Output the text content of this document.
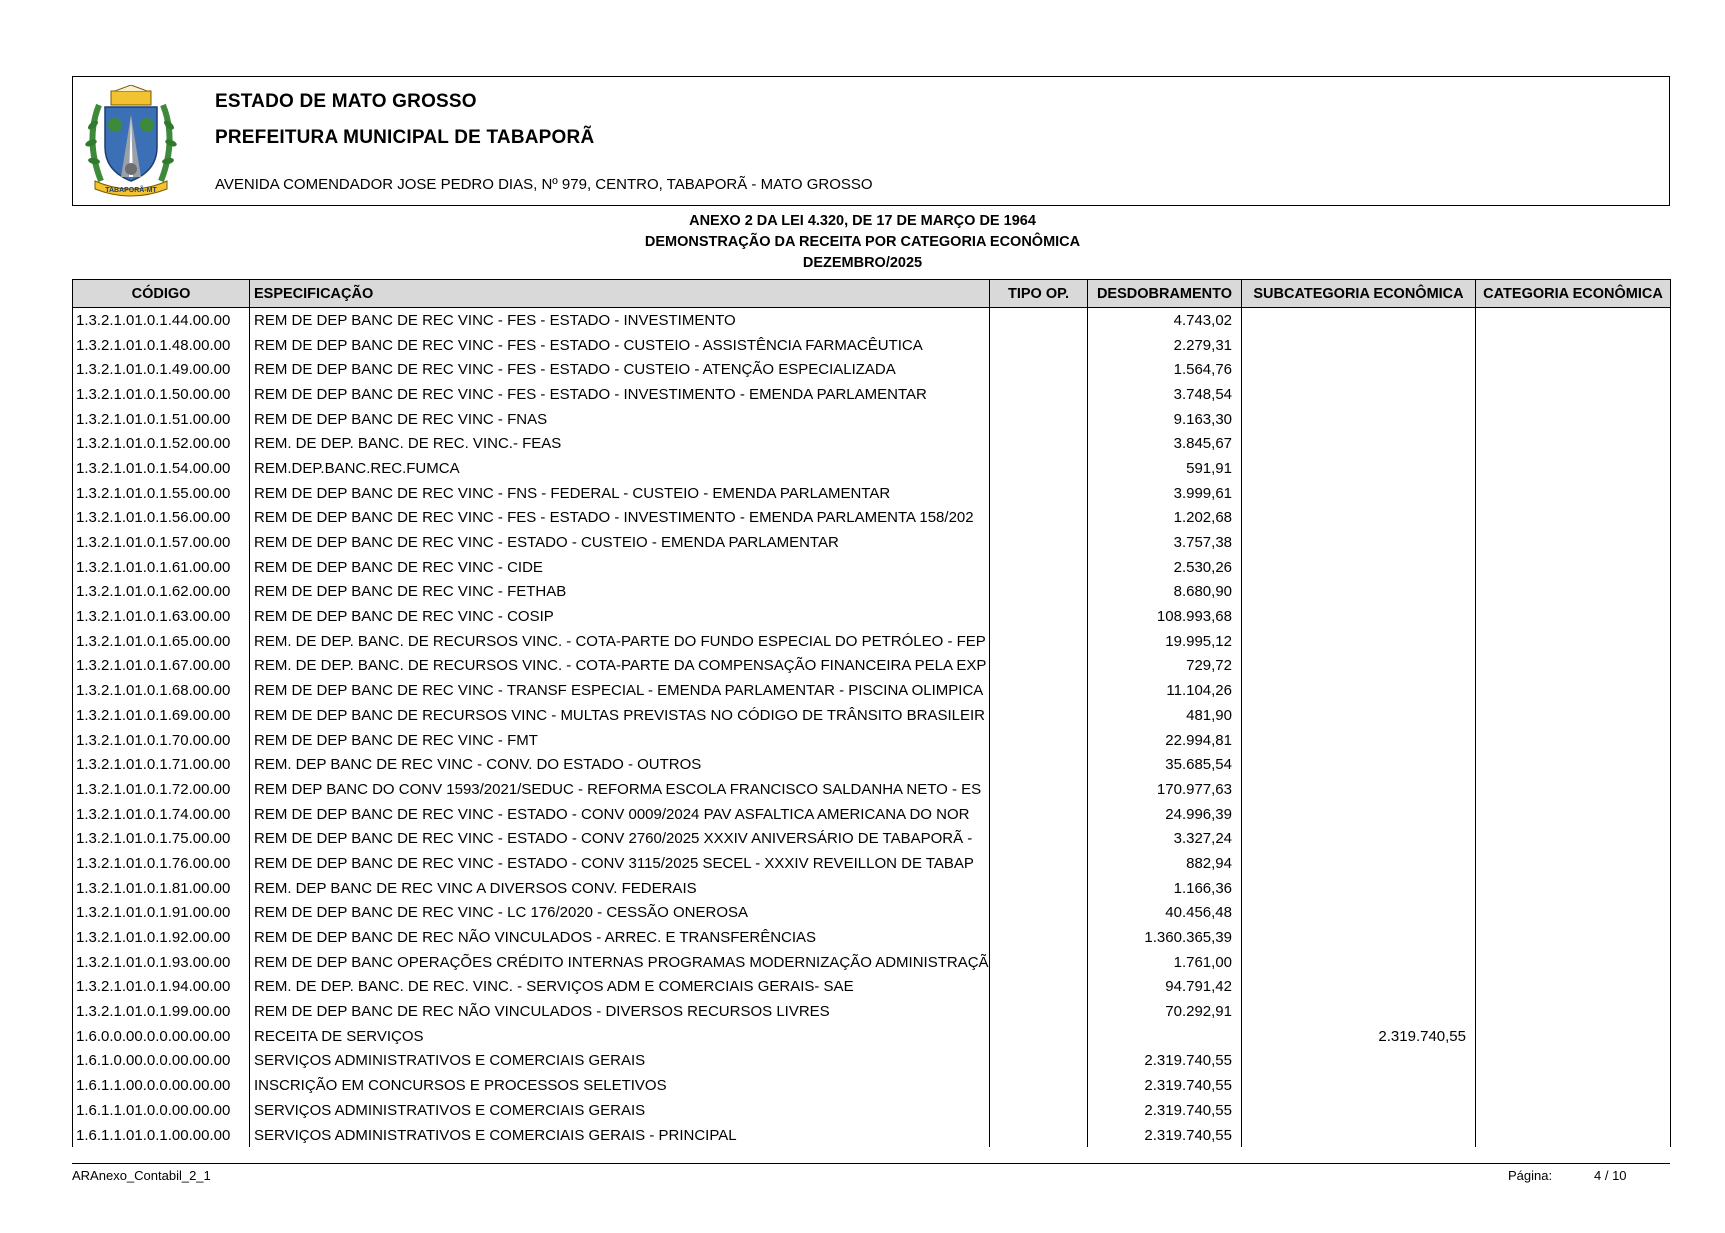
TABAPORÃ-MT
ESTADO DE MATO GROSSO
PREFEITURA MUNICIPAL DE TABAPORÃ
AVENIDA COMENDADOR JOSE PEDRO DIAS, Nº 979, CENTRO, TABAPORÃ - MATO GROSSO
ANEXO 2 DA LEI 4.320, DE 17 DE MARÇO DE 1964
DEMONSTRAÇÃO DA RECEITA POR CATEGORIA ECONÔMICA
DEZEMBRO/2025
CÓDIGO	ESPECIFICAÇÃO	TIPO OP.	DESDOBRAMENTO	SUBCATEGORIA ECONÔMICA	CATEGORIA ECONÔMICA
1.3.2.1.01.0.1.44.00.00	REM DE DEP BANC DE REC VINC - FES - ESTADO - INVESTIMENTO		4.743,02		
1.3.2.1.01.0.1.48.00.00	REM DE DEP BANC DE REC VINC - FES - ESTADO - CUSTEIO - ASSISTÊNCIA FARMACÊUTICA		2.279,31		
1.3.2.1.01.0.1.49.00.00	REM DE DEP BANC DE REC VINC - FES - ESTADO - CUSTEIO - ATENÇÃO ESPECIALIZADA		1.564,76		
1.3.2.1.01.0.1.50.00.00	REM DE DEP BANC DE REC VINC - FES - ESTADO - INVESTIMENTO - EMENDA PARLAMENTAR		3.748,54		
1.3.2.1.01.0.1.51.00.00	REM DE DEP BANC DE REC VINC - FNAS		9.163,30		
1.3.2.1.01.0.1.52.00.00	REM. DE DEP. BANC. DE REC. VINC.- FEAS		3.845,67		
1.3.2.1.01.0.1.54.00.00	REM.DEP.BANC.REC.FUMCA		591,91		
1.3.2.1.01.0.1.55.00.00	REM DE DEP BANC DE REC VINC - FNS - FEDERAL - CUSTEIO - EMENDA PARLAMENTAR		3.999,61		
1.3.2.1.01.0.1.56.00.00	REM DE DEP BANC DE REC VINC - FES - ESTADO - INVESTIMENTO - EMENDA PARLAMENTA 158/202		1.202,68		
1.3.2.1.01.0.1.57.00.00	REM DE DEP BANC DE REC VINC - ESTADO - CUSTEIO - EMENDA PARLAMENTAR		3.757,38		
1.3.2.1.01.0.1.61.00.00	REM DE DEP BANC DE REC VINC - CIDE		2.530,26		
1.3.2.1.01.0.1.62.00.00	REM DE DEP BANC DE REC VINC - FETHAB		8.680,90		
1.3.2.1.01.0.1.63.00.00	REM DE DEP BANC DE REC VINC - COSIP		108.993,68		
1.3.2.1.01.0.1.65.00.00	REM. DE DEP. BANC. DE RECURSOS VINC. - COTA-PARTE DO FUNDO ESPECIAL DO PETRÓLEO - FEP		19.995,12		
1.3.2.1.01.0.1.67.00.00	REM. DE DEP. BANC. DE RECURSOS VINC. - COTA-PARTE DA COMPENSAÇÃO FINANCEIRA PELA EXP		729,72		
1.3.2.1.01.0.1.68.00.00	REM DE DEP BANC DE REC VINC - TRANSF ESPECIAL - EMENDA PARLAMENTAR - PISCINA OLIMPICA		11.104,26		
1.3.2.1.01.0.1.69.00.00	REM DE DEP BANC DE RECURSOS VINC - MULTAS PREVISTAS NO CÓDIGO DE TRÂNSITO BRASILEIR		481,90		
1.3.2.1.01.0.1.70.00.00	REM DE DEP BANC DE REC VINC - FMT		22.994,81		
1.3.2.1.01.0.1.71.00.00	REM. DEP BANC DE REC VINC - CONV. DO ESTADO - OUTROS		35.685,54		
1.3.2.1.01.0.1.72.00.00	REM DEP BANC DO CONV 1593/2021/SEDUC - REFORMA ESCOLA FRANCISCO SALDANHA NETO - ES		170.977,63		
1.3.2.1.01.0.1.74.00.00	REM DE DEP BANC DE REC VINC - ESTADO - CONV 0009/2024 PAV ASFALTICA AMERICANA DO NOR		24.996,39		
1.3.2.1.01.0.1.75.00.00	REM DE DEP BANC DE REC VINC - ESTADO - CONV 2760/2025 XXXIV ANIVERSÁRIO DE TABAPORÃ -		3.327,24		
1.3.2.1.01.0.1.76.00.00	REM DE DEP BANC DE REC VINC - ESTADO - CONV 3115/2025 SECEL - XXXIV REVEILLON DE TABAP		882,94		
1.3.2.1.01.0.1.81.00.00	REM. DEP BANC DE REC VINC A DIVERSOS CONV. FEDERAIS		1.166,36		
1.3.2.1.01.0.1.91.00.00	REM DE DEP BANC DE REC VINC - LC 176/2020 - CESSÃO ONEROSA		40.456,48		
1.3.2.1.01.0.1.92.00.00	REM DE DEP BANC DE REC NÃO VINCULADOS - ARREC. E TRANSFERÊNCIAS		1.360.365,39		
1.3.2.1.01.0.1.93.00.00	REM DE DEP BANC OPERAÇÕES CRÉDITO INTERNAS PROGRAMAS MODERNIZAÇÃO ADMINISTRAÇÃ		1.761,00		
1.3.2.1.01.0.1.94.00.00	REM. DE DEP. BANC. DE REC. VINC. - SERVIÇOS ADM E COMERCIAIS GERAIS- SAE		94.791,42		
1.3.2.1.01.0.1.99.00.00	REM DE DEP BANC DE REC NÃO VINCULADOS - DIVERSOS RECURSOS LIVRES		70.292,91		
1.6.0.0.00.0.0.00.00.00	RECEITA DE SERVIÇOS			2.319.740,55	
1.6.1.0.00.0.0.00.00.00	SERVIÇOS ADMINISTRATIVOS E COMERCIAIS GERAIS		2.319.740,55		
1.6.1.1.00.0.0.00.00.00	INSCRIÇÃO EM CONCURSOS E PROCESSOS SELETIVOS		2.319.740,55		
1.6.1.1.01.0.0.00.00.00	SERVIÇOS ADMINISTRATIVOS E COMERCIAIS GERAIS		2.319.740,55		
1.6.1.1.01.0.1.00.00.00	SERVIÇOS ADMINISTRATIVOS E COMERCIAIS GERAIS - PRINCIPAL		2.319.740,55		
ARAnexo_Contabil_2_1	Página:	4 / 10
